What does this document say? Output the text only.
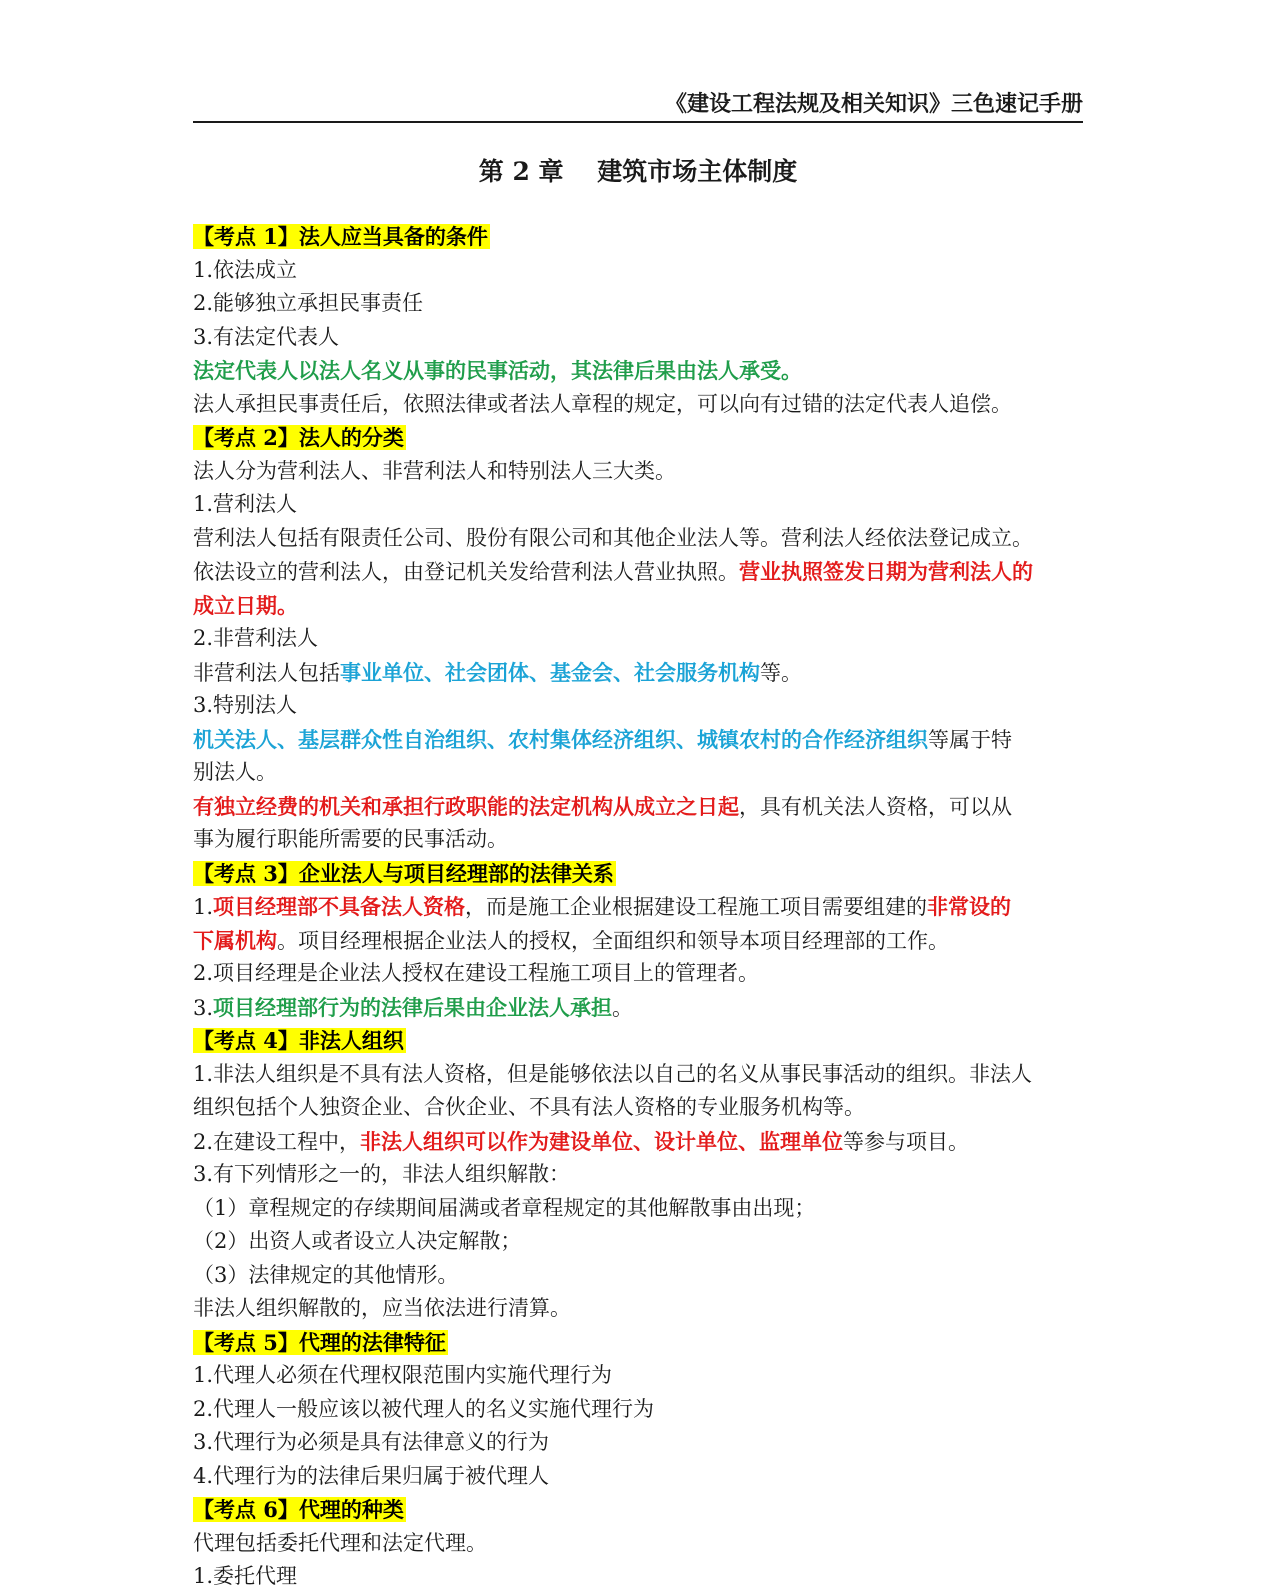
《建设工程法规及相关知识》三色速记手册
第 2 章　 建筑市场主体制度
【考点 1】法人应当具备的条件
1.依法成立
2.能够独立承担民事责任
3.有法定代表人
法定代表人以法人名义从事的民事活动，其法律后果由法人承受。
法人承担民事责任后，依照法律或者法人章程的规定，可以向有过错的法定代表人追偿。
【考点 2】法人的分类
法人分为营利法人、非营利法人和特别法人三大类。
1.营利法人
营利法人包括有限责任公司、股份有限公司和其他企业法人等。营利法人经依法登记成立。
依法设立的营利法人，由登记机关发给营利法人营业执照。营业执照签发日期为营利法人的
成立日期。
2.非营利法人
非营利法人包括事业单位、社会团体、基金会、社会服务机构等。
3.特别法人
机关法人、基层群众性自治组织、农村集体经济组织、城镇农村的合作经济组织等属于特
别法人。
有独立经费的机关和承担行政职能的法定机构从成立之日起，具有机关法人资格，可以从
事为履行职能所需要的民事活动。
【考点 3】企业法人与项目经理部的法律关系
1.项目经理部不具备法人资格，而是施工企业根据建设工程施工项目需要组建的非常设的
下属机构。项目经理根据企业法人的授权，全面组织和领导本项目经理部的工作。
2.项目经理是企业法人授权在建设工程施工项目上的管理者。
3.项目经理部行为的法律后果由企业法人承担。
【考点 4】非法人组织
1.非法人组织是不具有法人资格，但是能够依法以自己的名义从事民事活动的组织。非法人
组织包括个人独资企业、合伙企业、不具有法人资格的专业服务机构等。
2.在建设工程中，非法人组织可以作为建设单位、设计单位、监理单位等参与项目。
3.有下列情形之一的，非法人组织解散：
（1）章程规定的存续期间届满或者章程规定的其他解散事由出现；
（2）出资人或者设立人决定解散；
（3）法律规定的其他情形。
非法人组织解散的，应当依法进行清算。
【考点 5】代理的法律特征
1.代理人必须在代理权限范围内实施代理行为
2.代理人一般应该以被代理人的名义实施代理行为
3.代理行为必须是具有法律意义的行为
4.代理行为的法律后果归属于被代理人
【考点 6】代理的种类
代理包括委托代理和法定代理。
1.委托代理
